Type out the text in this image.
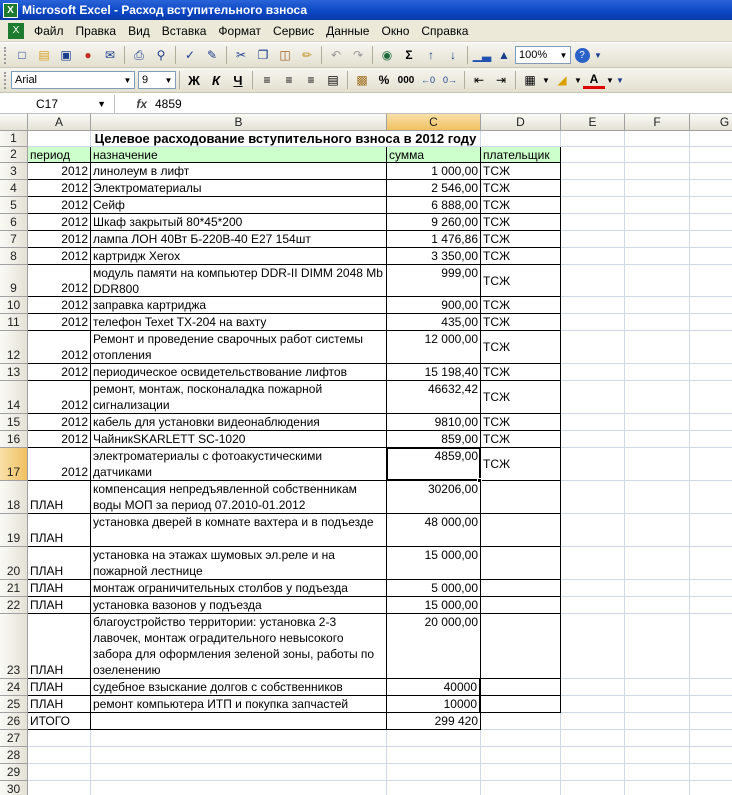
X Microsoft Excel - Расход вступительного взноса
X	Файл	Правка	Вид	Вставка	Формат	Сервис	Данные	Окно	Справка
□	▤ ▣	●	✉	⎙	⚲	✓ ✎	✂ ❐ ◫ ✏	↶ ↷	◉	Σ	↑	↓	▁▃ ▲ 100%	▼	?	▼
Arial	▼ 9	▼	Ж К	Ч	≡	≡	≡	▤	▩ % 000 ←0 0→	⇤ ⇥	▦ ▼ ◢ ▼ A ▼ ▼
C17	▼	fx 4859
A	B	C	D	E	F	G
1	Целевое расходование вступительного взноса в 2012 году
2	период	назначение	сумма	плательщик
3	2012 линолеум в лифт	1 000,00 ТСЖ
4	2012 Электроматериалы	2 546,00 ТСЖ
5	2012 Сейф	6 888,00 ТСЖ
6	2012 Шкаф закрытый 80*45*200	9 260,00 ТСЖ
7	2012 лампа ЛОН 40Вт Б-220В-40 Е27 154шт	1 476,86 ТСЖ
8	2012 картридж Xerox	3 350,00 ТСЖ
9	2012
модуль памяти на компьютер DDR-II DIMM 2048 Mb DDR800
999,00
ТСЖ
10	2012 заправка картриджа	900,00 ТСЖ
11	2012 телефон Texet TX-204 на вахту	435,00 ТСЖ
12	2012
Ремонт и проведение сварочных работ системы отопления
12 000,00
ТСЖ
13	2012 периодическое освидетельствование лифтов	15 198,40 ТСЖ
14	2012
ремонт, монтаж, посконаладка пожарной сигнализации
46632,42
ТСЖ
15	2012 кабель для установки видеонаблюдения	9810,00 ТСЖ
16	2012 ЧайникSKARLETT SC-1020	859,00 ТСЖ
17	2012
электроматериалы с фотоакустическими датчиками
4859,00
ТСЖ
18 ПЛАН
компенсация непредъявленной собственникам воды МОП за период 07.2010-01.2012
30206,00
19 ПЛАН
установка дверей в комнате вахтера и в подъезде	48 000,00
20 ПЛАН
установка на этажах шумовых эл.реле и на пожарной лестнице
15 000,00
21 ПЛАН	монтаж ограничительных столбов у подъезда	5 000,00
22 ПЛАН	установка вазонов у подъезда	15 000,00
23 ПЛАН
благоустройство территории: установка 2-3 лавочек, монтаж оградительного невысокого забора для оформления зеленой зоны, работы по озеленению
20 000,00
24 ПЛАН	судебное взыскание долгов с собственников	40000
25 ПЛАН	ремонт компьютера ИТП и покупка запчастей	10000
26 ИТОГО	299 420
27
28
29
30
